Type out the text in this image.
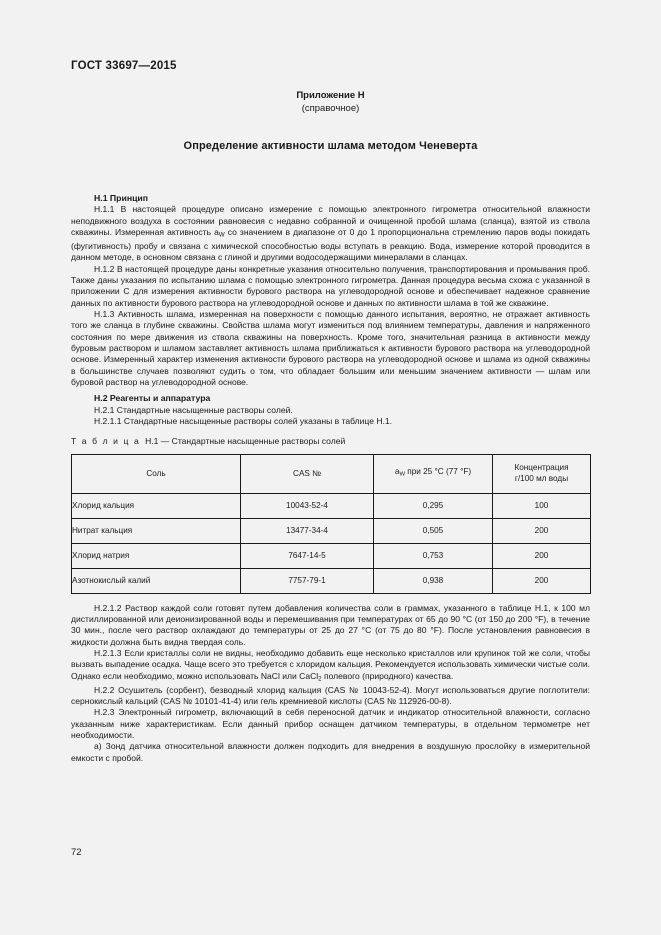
ГОСТ 33697—2015
Приложение Н
(справочное)
Определение активности шлама методом Ченеверта
Н.1 Принцип

Н.1.1 В настоящей процедуре описано измерение с помощью электронного гигрометра относительной влажности неподвижного воздуха в состоянии равновесия с недавно собранной и очищенной пробой шлама (сланца), взятой из ствола скважины. Измеренная активность $a_W$ со значением в диапазоне от 0 до 1 пропорциональна стремлению паров воды покидать (фугитивность) пробу и связана с химической способностью воды вступать в реакцию. Вода, измерение которой проводится в данном методе, в основном связана с глиной и другими водосодержащими минералами в сланцах.

Н.1.2 В настоящей процедуре даны конкретные указания относительно получения, транспортирования и промывания проб. Также даны указания по испытанию шлама с помощью электронного гигрометра. Данная процедура весьма схожа с указанной в приложении С для измерения активности бурового раствора на углеводородной основе и обеспечивает надежное сравнение данных по активности бурового раствора на углеводородной основе и данных по активности шлама в той же скважине.

Н.1.3 Активность шлама, измеренная на поверхности с помощью данного испытания, вероятно, не отражает активность того же сланца в глубине скважины. Свойства шлама могут измениться под влиянием температуры, давления и напряженного состояния по мере движения из ствола скважины на поверхность. Кроме того, значительная разница в активности между буровым раствором и шламом заставляет активность шлама приближаться к активности бурового раствора на углеводородной основе. Измеренный характер изменения активности бурового раствора на углеводородной основе и шлама из одной скважины в большинстве случаев позволяют судить о том, что обладает большим или меньшим значением активности — шлам или буровой раствор на углеводородной основе.

Н.2 Реагенты и аппаратура

Н.2.1 Стандартные насыщенные растворы солей.

Н.2.1.1 Стандартные насыщенные растворы солей указаны в таблице Н.1.

Т а б л и ц а Н.1 — Стандартные насыщенные растворы солей

Соль	CAS №	$a_W$ при 25 °C (77 °F)	Концентрация
г/100 мл воды
Хлорид кальция	10043-52-4	0,295	100
Нитрат кальция	13477-34-4	0,505	200
Хлорид натрия	7647-14-5	0,753	200
Азотнокислый калий	7757-79-1	0,938	200

Н.2.1.2 Раствор каждой соли готовят путем добавления количества соли в граммах, указанного в таблице Н.1, к 100 мл дистиллированной или деионизированной воды и перемешивания при температурах от 65 до 90 °C (от 150 до 200 °F), в течение 30 мин., после чего раствор охлаждают до температуры от 25 до 27 °C (от 75 до 80 °F). После установления равновесия в жидкости должна быть видна твердая соль.

Н.2.1.3 Если кристаллы соли не видны, необходимо добавить еще несколько кристаллов или крупинок той же соли, чтобы вызвать выпадение осадка. Чаще всего это требуется с хлоридом кальция. Рекомендуется использовать химически чистые соли. Однако если необходимо, можно использовать NaCl или CaCl$_2$ полевого (природного) качества.

Н.2.2 Осушитель (сорбент), безводный хлорид кальция (CAS № 10043-52-4). Могут использоваться другие поглотители: сернокислый кальций (CAS № 10101-41-4) или гель кремниевой кислоты (CAS № 112926-00-8).

Н.2.3 Электронный гигрометр, включающий в себя переносной датчик и индикатор относительной влажности, согласно указанным ниже характеристикам. Если данный прибор оснащен датчиком температуры, в отдельном термометре нет необходимости.

а) Зонд датчика относительной влажности должен подходить для внедрения в воздушную прослойку в измерительной емкости с пробой.

72
